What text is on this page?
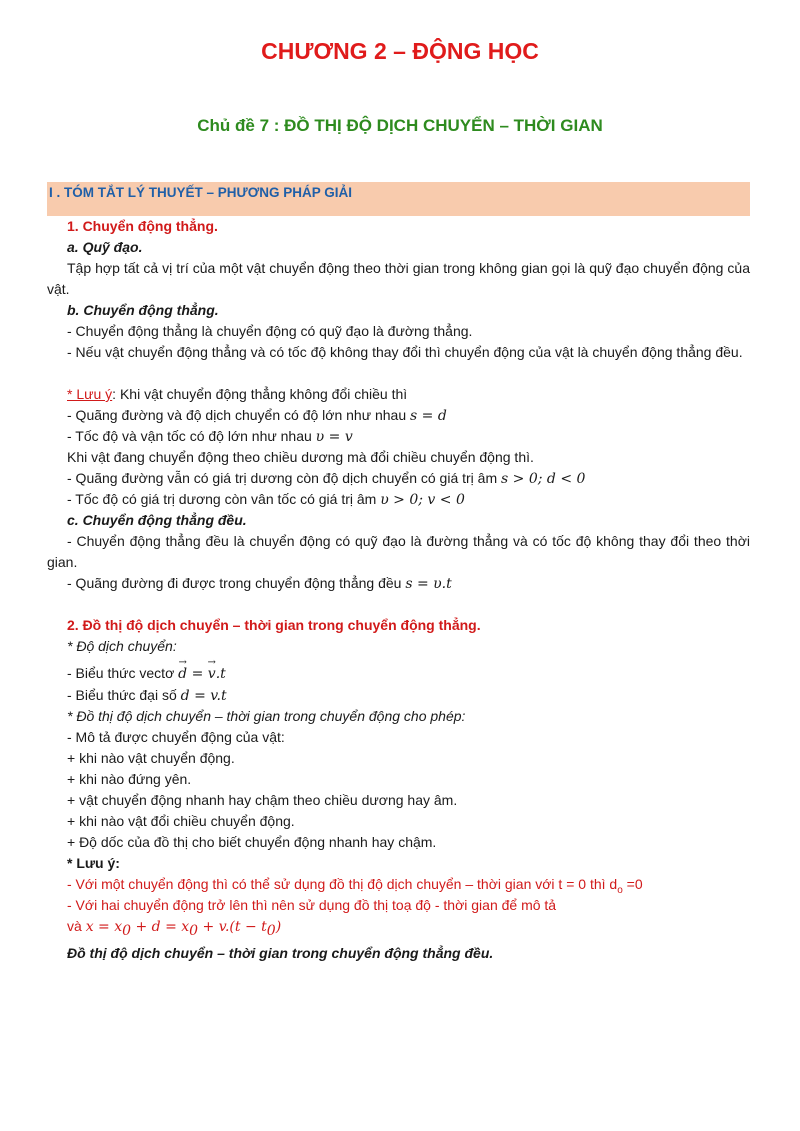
CHƯƠNG 2 – ĐỘNG HỌC
Chủ đề 7 : ĐỒ THỊ ĐỘ DỊCH CHUYỂN – THỜI GIAN
I . TÓM TẮT LÝ THUYẾT – PHƯƠNG PHÁP GIẢI
1. Chuyển động thẳng.
a. Quỹ đạo.
Tập hợp tất cả vị trí của một vật chuyển động theo thời gian trong không gian gọi là quỹ đạo chuyển động của vật.
b. Chuyển động thẳng.
- Chuyển động thẳng là chuyển động có quỹ đạo là đường thẳng.
- Nếu vật chuyển động thẳng và có tốc độ không thay đổi thì chuyển động của vật là chuyển động thẳng đều.
* Lưu ý: Khi vật chuyển động thẳng không đổi chiều thì
- Quãng đường và độ dịch chuyển có độ lớn như nhau s = d
- Tốc độ và vận tốc có độ lớn như nhau υ = v
Khi vật đang chuyển động theo chiều dương mà đổi chiều chuyển động thì.
- Quãng đường vẫn có giá trị dương còn độ dịch chuyển có giá trị âm s > 0; d < 0
- Tốc độ có giá trị dương còn vân tốc có giá trị âm υ > 0; v < 0
c. Chuyển động thẳng đều.
- Chuyển động thẳng đều là chuyển động có quỹ đạo là đường thẳng và có tốc độ không thay đổi theo thời gian.
- Quãng đường đi được trong chuyển động thẳng đều s = υ.t
2. Đồ thị độ dịch chuyển – thời gian trong chuyển động thẳng.
* Độ dịch chuyển:
- Biểu thức vectơ → d = → v.t
- Biểu thức đại số d = v.t
* Đồ thị độ dịch chuyển – thời gian trong chuyển động cho phép:
- Mô tả được chuyển động của vật:
+ khi nào vật chuyển động.
+ khi nào đứng yên.
+ vật chuyển động nhanh hay chậm theo chiều dương hay âm.
+ khi nào vật đổi chiều chuyển động.
+ Độ dốc của đồ thị cho biết chuyển động nhanh hay chậm.
* Lưu ý:
- Với một chuyển động thì có thể sử dụng đồ thị độ dịch chuyển – thời gian với t = 0 thì $d_o =0$
- Với hai chuyển động trở lên thì nên sử dụng đồ thị toạ độ - thời gian để mô tả
và $x = x_0 + d = x_0 + v.(t - t_0)$
Đồ thị độ dịch chuyển – thời gian trong chuyển động thẳng đều.
